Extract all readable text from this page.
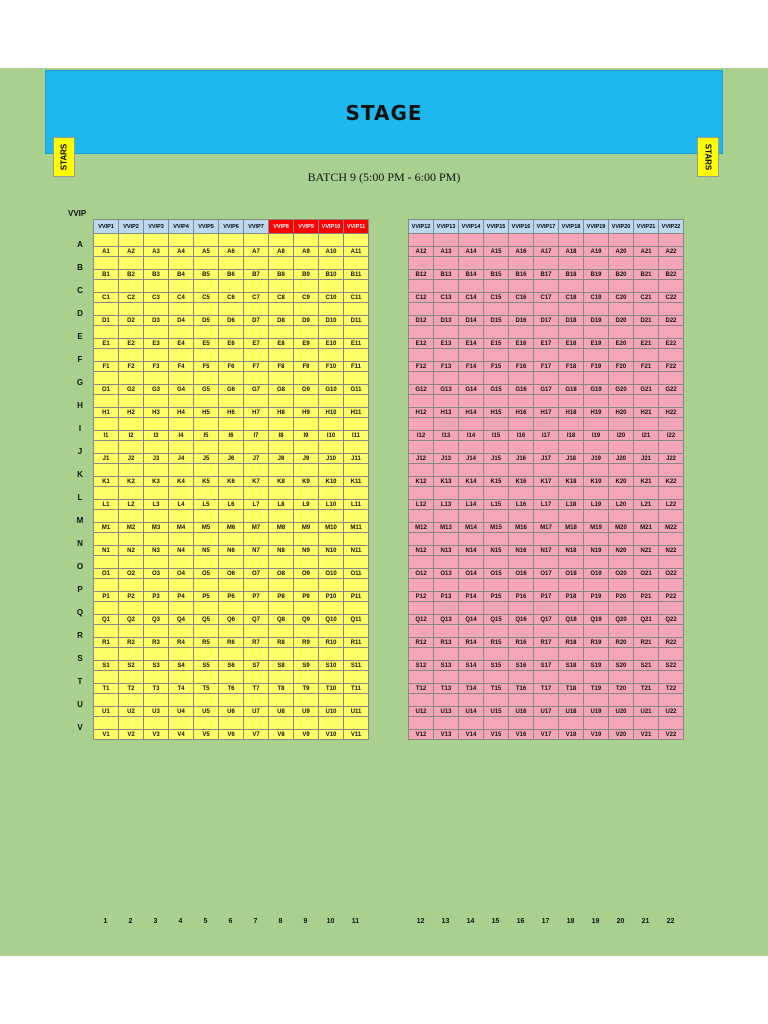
STAGE
STARS	STARS
BATCH 9 (5:00 PM - 6:00 PM)
VVIP
VVIP1	VVIP2	VVIP3	VVIP4	VVIP5	VVIP6	VVIP7	VVIP8	VVIP9	VVIP10	VVIP11

A1	A2	A3	A4	A5	A6	A7	A8	A9	A10	A11

B1	B2	B3	B4	B5	B6	B7	B8	B9	B10	B11

C1	C2	C3	C4	C5	C6	C7	C8	C9	C10	C11

D1	D2	D3	D4	D5	D6	D7	D8	D9	D10	D11

E1	E2	E3	E4	E5	E6	E7	E8	E9	E10	E11

F1	F2	F3	F4	F5	F6	F7	F8	F9	F10	F11

G1	G2	G3	G4	G5	G6	G7	G8	G9	G10	G11

H1	H2	H3	H4	H5	H6	H7	H8	H9	H10	H11

I1	I2	I3	I4	I5	I6	I7	I8	I9	I10	I11

J1	J2	J3	J4	J5	J6	J7	J8	J9	J10	J11

K1	K2	K3	K4	K5	K6	K7	K8	K9	K10	K11

L1	L2	L3	L4	L5	L6	L7	L8	L9	L10	L11

M1	M2	M3	M4	M5	M6	M7	M8	M9	M10	M11

N1	N2	N3	N4	N5	N6	N7	N8	N9	N10	N11

O1	O2	O3	O4	O5	O6	O7	O8	O9	O10	O11

P1	P2	P3	P4	P5	P6	P7	P8	P9	P10	P11

Q1	Q2	Q3	Q4	Q5	Q6	Q7	Q8	Q9	Q10	Q11

R1	R2	R3	R4	R5	R6	R7	R8	R9	R10	R11

S1	S2	S3	S4	S5	S6	S7	S8	S9	S10	S11

T1	T2	T3	T4	T5	T6	T7	T8	T9	T10	T11

U1	U2	U3	U4	U5	U6	U7	U8	U9	U10	U11

V1	V2	V3	V4	V5	V6	V7	V8	V9	V10	V11
VVIP12	VVIP13	VVIP14	VVIP15	VVIP16	VVIP17	VVIP18	VVIP19	VVIP20	VVIP21	VVIP22

A12	A13	A14	A15	A16	A17	A18	A19	A20	A21	A22

B12	B13	B14	B15	B16	B17	B18	B19	B20	B21	B22

C12	C13	C14	C15	C16	C17	C18	C19	C20	C21	C22

D12	D13	D14	D15	D16	D17	D18	D19	D20	D21	D22

E12	E13	E14	E15	E16	E17	E18	E19	E20	E21	E22

F12	F13	F14	F15	F16	F17	F18	F19	F20	F21	F22

G12	G13	G14	G15	G16	G17	G18	G19	G20	G21	G22

H12	H13	H14	H15	H16	H17	H18	H19	H20	H21	H22

I12	I13	I14	I15	I16	I17	I18	I19	I20	I21	I22

J12	J13	J14	J15	J16	J17	J18	J19	J20	J21	J22

K12	K13	K14	K15	K16	K17	K18	K19	K20	K21	K22

L12	L13	L14	L15	L16	L17	L18	L19	L20	L21	L22

M12	M13	M14	M15	M16	M17	M18	M19	M20	M21	M22

N12	N13	N14	N15	N16	N17	N18	N19	N20	N21	N22

O12	O13	O14	O15	O16	O17	O18	O19	O20	O21	O22

P12	P13	P14	P15	P16	P17	P18	P19	P20	P21	P22

Q12	Q13	Q14	Q15	Q16	Q17	Q18	Q19	Q20	Q21	Q22

R12	R13	R14	R15	R16	R17	R18	R19	R20	R21	R22

S12	S13	S14	S15	S16	S17	S18	S19	S20	S21	S22

T12	T13	T14	T15	T16	T17	T18	T19	T20	T21	T22

U12	U13	U14	U15	U16	U17	U18	U19	U20	U21	U22

V12	V13	V14	V15	V16	V17	V18	V19	V20	V21	V22
A
B
C
D
E
F
G
H
I
J
K
L
M
N
O
P
Q
R
S
T
U
V
1	2	3	4	5	6	7	8	9	10	11	12	13	14	15	16	17	18	19	20	21	22
